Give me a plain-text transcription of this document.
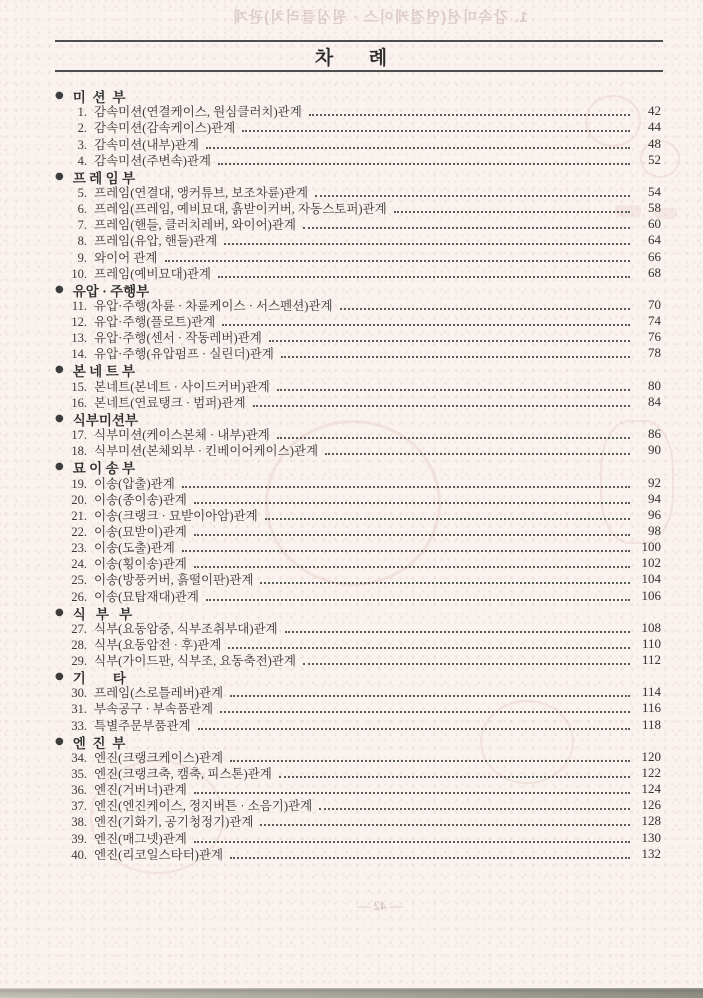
1. 감속미션(연결케이스 · 원심클러치)관계
차      례
● 미  션  부
1. 감속미션(연결케이스, 원심클러치)관계	42
2. 감속미션(감속케이스)관계	44
3. 감속미션(내부)관계	48
4. 감속미션(주변속)관계	52
● 프 레 임 부
5. 프레임(연결대, 앵커튜브, 보조차륜)관계	54
6. 프레임(프레임, 예비묘대, 흙받이커버, 자동스토퍼)관계	58
7. 프레임(핸들, 클러치레버, 와이어)관계	60
8. 프레임(유압, 핸들)관계	64
9. 와이어 관계	66
10. 프레임(예비묘대)관계	68
● 유압 · 주행부
11. 유압·주행(차륜 · 차륜케이스 · 서스펜션)관계	70
12. 유압·주행(플로트)관계	74
13. 유압·주행(센서 · 작동레버)관계	76
14. 유압·주행(유압펌프 · 실린더)관계	78
● 본 네 트 부
15. 본네트(본네트 · 사이드커버)관계	80
16. 본네트(연료탱크 · 범퍼)관계	84
● 식부미션부
17. 식부미션(케이스본체 · 내부)관계	86
18. 식부미션(본체외부 · 킨베이어케이스)관계	90
● 묘 이 송 부
19. 이송(압출)관계	92
20. 이송(종이송)관계	94
21. 이송(크랭크 · 묘받이아암)관계	96
22. 이송(묘받이)관계	98
23. 이송(도출)관계	100
24. 이송(횡이송)관계	102
25. 이송(방풍커버, 흙떨이판)관계	104
26. 이송(묘탑재대)관계	106
● 식   부   부
27. 식부(요동암중, 식부조취부대)관계	108
28. 식부(요동암전 · 후)관계	110
29. 식부(가이드판, 식부조, 요동축전)관계	112
● 기        타
30. 프레임(스로틀레버)관계	114
31. 부속공구 · 부속품관계	116
33. 특별주문부품관계	118
● 엔  진  부
34. 엔진(크랭크케이스)관계	120
35. 엔진(크랭크축, 캠축, 피스톤)관계	122
36. 엔진(거버너)관계	124
37. 엔진(엔진케이스, 정지버튼 · 소음기)관계	126
38. 엔진(기화기, 공기청정기)관계	128
39. 엔진(매그넷)관계	130
40. 엔진(리코일스타터)관계	132
— 42 —
